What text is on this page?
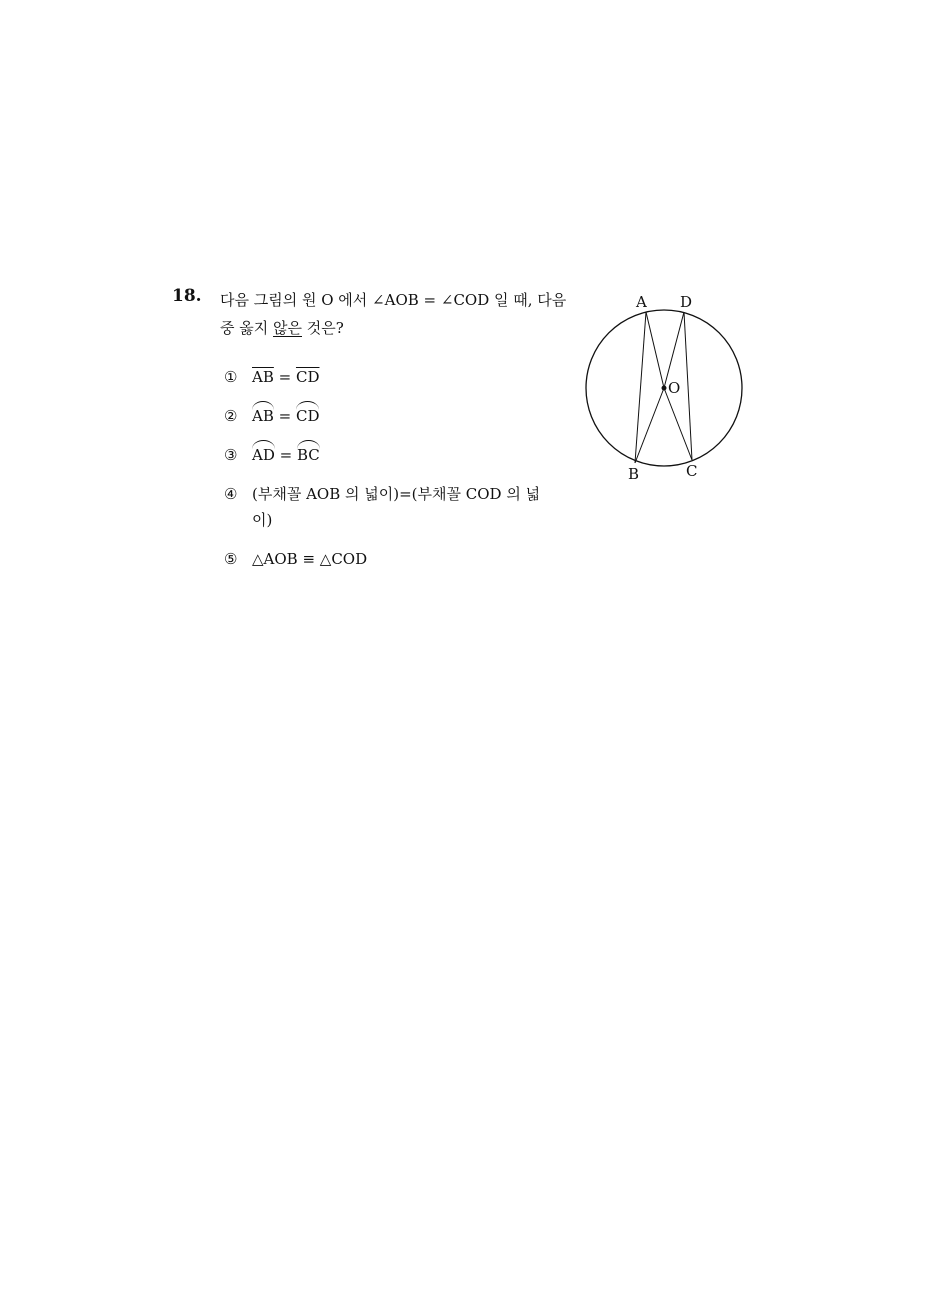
18. 다음 그림의 원 O 에서 ∠AOB = ∠COD 일 때, 다음 중 옳지 않은 것은?
① $\overline{AB} = \overline{CD}$
② AB = CD
③ AD = BC
④ (부채꼴 AOB 의 넓이)=(부채꼴 COD 의 넓이)
⑤ △AOB ≡ △COD
A D
O
B	C
